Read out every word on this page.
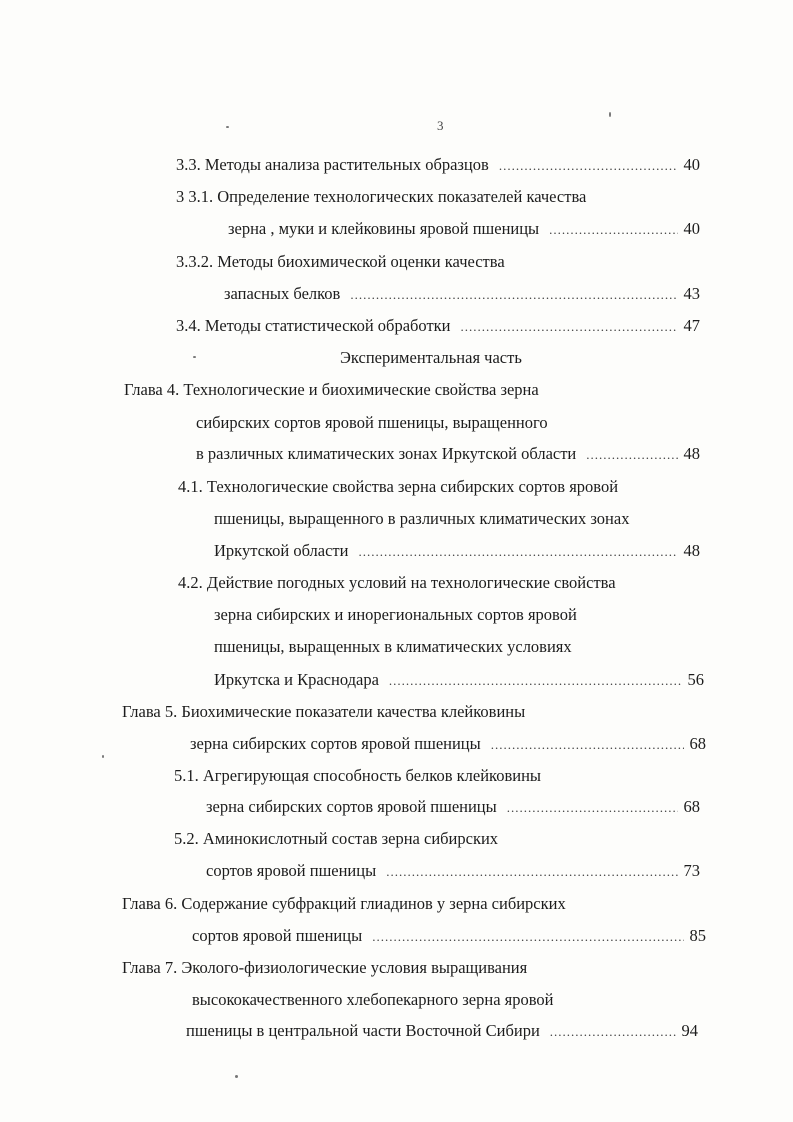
3
3.3. Методы анализа растительных образцов .....	40
3 3.1. Определение технологических показателей качества
зерна , муки и клейковины яровой пшеницы .....	40
3.3.2. Методы биохимической оценки качества
запасных белков .....	43
3.4. Методы статистической обработки .....	47
Экспериментальная часть
Глава 4. Технологические и биохимические свойства зерна
сибирских сортов яровой пшеницы, выращенного
в различных климатических зонах Иркутской области .....	48
4.1. Технологические свойства зерна сибирских сортов яровой
пшеницы, выращенного в различных климатических зонах
Иркутской области .....	48
4.2. Действие погодных условий на технологические свойства
зерна сибирских и инорегиональных сортов яровой
пшеницы, выращенных в климатических условиях
Иркутска и Краснодара .....	56
Глава 5. Биохимические показатели качества клейковины
зерна сибирских сортов яровой пшеницы .....	68
5.1. Агрегирующая способность белков клейковины
зерна сибирских сортов яровой пшеницы .....	68
5.2. Аминокислотный состав зерна сибирских
сортов яровой пшеницы .....	73
Глава 6. Содержание субфракций глиадинов у зерна сибирских
сортов яровой пшеницы .....	85
Глава 7. Эколого-физиологические условия выращивания
высококачественного хлебопекарного зерна яровой
пшеницы в центральной части Восточной Сибири .....	94
